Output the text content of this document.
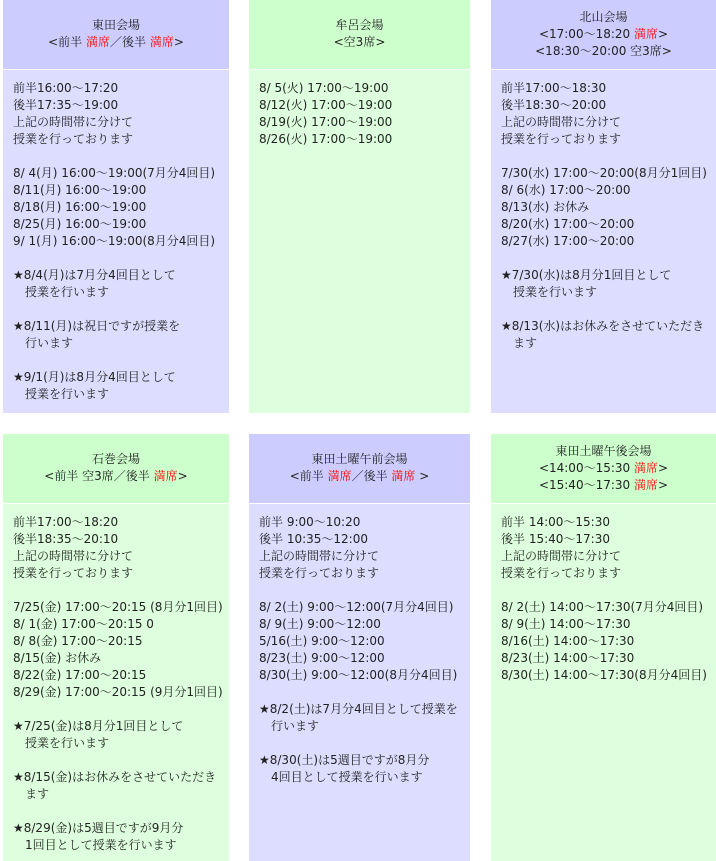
東田会場
<前半 満席／後半 満席>
前半16:00～17:20
後半17:35～19:00
上記の時間帯に分けて
授業を行っております
8/ 4(月) 16:00～19:00(7月分4回目)
8/11(月) 16:00～19:00
8/18(月) 16:00～19:00
8/25(月) 16:00～19:00
9/ 1(月) 16:00～19:00(8月分4回目)
★8/4(月)は7月分4回目として
　授業を行います
★8/11(月)は祝日ですが授業を
　行います
★9/1(月)は8月分4回目として
　授業を行います
牟呂会場
<空3席>
8/ 5(火) 17:00～19:00
8/12(火) 17:00～19:00
8/19(火) 17:00～19:00
8/26(火) 17:00～19:00
北山会場
<17:00～18:20 満席>
<18:30～20:00 空3席>
前半17:00～18:30
後半18:30～20:00
上記の時間帯に分けて
授業を行っております
7/30(水) 17:00～20:00(8月分1回目)
8/ 6(水) 17:00～20:00
8/13(水) お休み
8/20(水) 17:00～20:00
8/27(水) 17:00～20:00
★7/30(水)は8月分1回目として
　授業を行います
★8/13(水)はお休みをさせていただき
　ます
石巻会場
<前半 空3席／後半 満席>
前半17:00～18:20
後半18:35～20:10
上記の時間帯に分けて
授業を行っております
7/25(金) 17:00～20:15 (8月分1回目)
8/ 1(金) 17:00～20:15 0
8/ 8(金) 17:00～20:15
8/15(金) お休み
8/22(金) 17:00～20:15
8/29(金) 17:00～20:15 (9月分1回目)
★7/25(金)は8月分1回目として
　授業を行います
★8/15(金)はお休みをさせていただき
　ます
★8/29(金)は5週目ですが9月分
　1回目として授業を行います
東田土曜午前会場
<前半 満席／後半 満席 >
前半 9:00～10:20
後半 10:35～12:00
上記の時間帯に分けて
授業を行っております
8/ 2(土) 9:00～12:00(7月分4回目)
8/ 9(土) 9:00～12:00
5/16(土) 9:00～12:00
8/23(土) 9:00～12:00
8/30(土) 9:00～12:00(8月分4回目)
★8/2(土)は7月分4回目として授業を
　行います
★8/30(土)は5週目ですが8月分
　4回目として授業を行います
東田土曜午後会場
<14:00～15:30 満席>
<15:40～17:30 満席>
前半 14:00～15:30
後半 15:40～17:30
上記の時間帯に分けて
授業を行っております
8/ 2(土) 14:00～17:30(7月分4回目)
8/ 9(土) 14:00～17:30
8/16(土) 14:00～17:30
8/23(土) 14:00～17:30
8/30(土) 14:00～17:30(8月分4回目)
